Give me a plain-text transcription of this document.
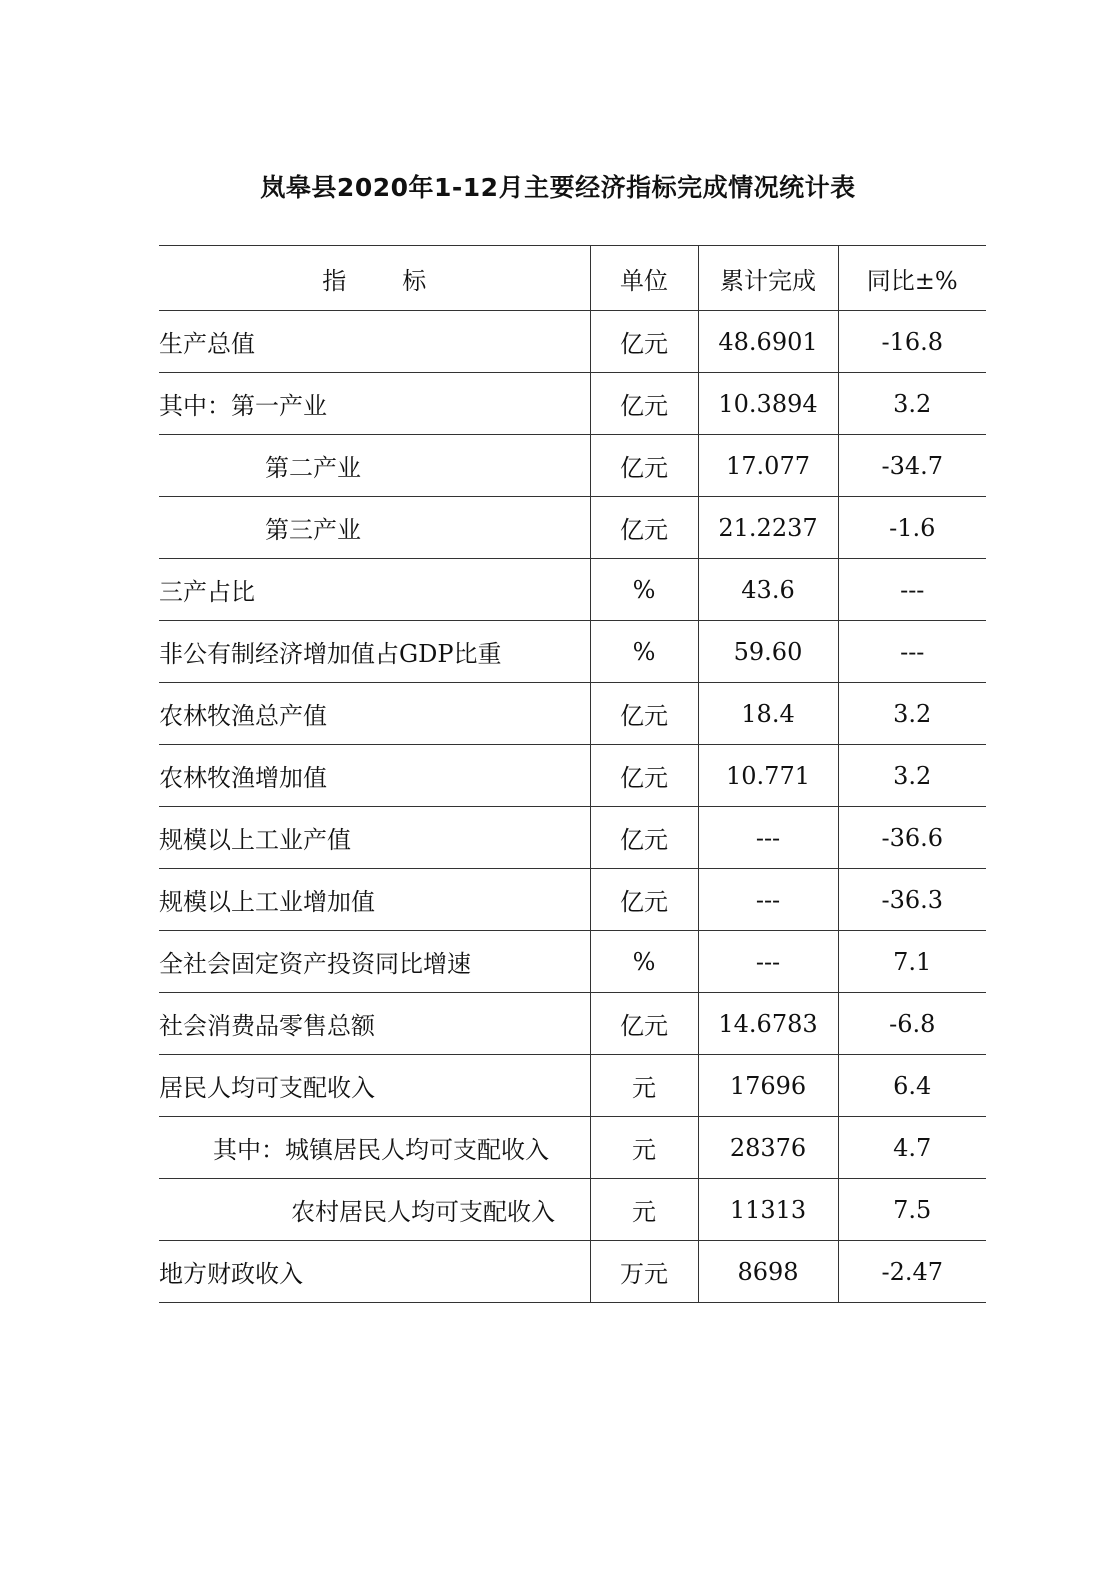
岚皋县2020年1-12月主要经济指标完成情况统计表
指 标	单位	累计完成	同比±%
生产总值	亿元	48.6901	-16.8
其中：第一产业	亿元	10.3894	3.2
第二产业	亿元	17.077	-34.7
第三产业	亿元	21.2237	-1.6
三产占比	%	43.6	---
非公有制经济增加值占GDP比重	%	59.60	---
农林牧渔总产值	亿元	18.4	3.2
农林牧渔增加值	亿元	10.771	3.2
规模以上工业产值	亿元	---	-36.6
规模以上工业增加值	亿元	---	-36.3
全社会固定资产投资同比增速	%	---	7.1
社会消费品零售总额	亿元	14.6783	-6.8
居民人均可支配收入	元	17696	6.4
其中：城镇居民人均可支配收入	元	28376	4.7
农村居民人均可支配收入	元	11313	7.5
地方财政收入	万元	8698	-2.47
